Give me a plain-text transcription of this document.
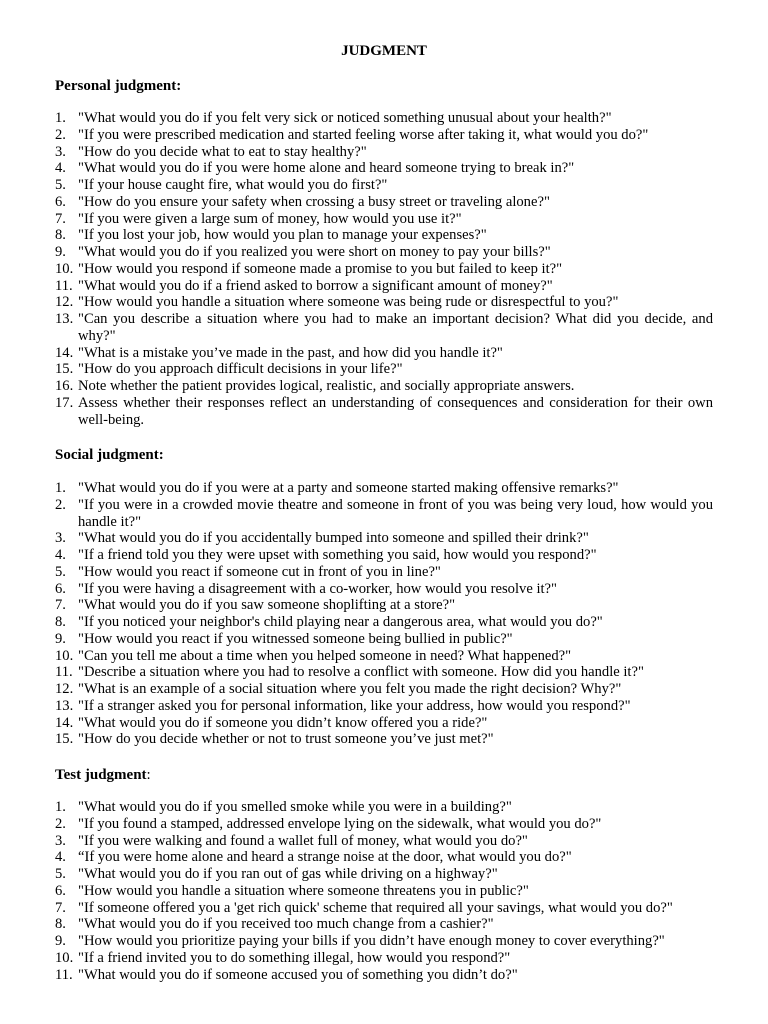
JUDGMENT
Personal judgment:
1. "What would you do if you felt very sick or noticed something unusual about your health?"
2. "If you were prescribed medication and started feeling worse after taking it, what would you do?"
3. "How do you decide what to eat to stay healthy?"
4. "What would you do if you were home alone and heard someone trying to break in?"
5. "If your house caught fire, what would you do first?"
6. "How do you ensure your safety when crossing a busy street or traveling alone?"
7. "If you were given a large sum of money, how would you use it?"
8. "If you lost your job, how would you plan to manage your expenses?"
9. "What would you do if you realized you were short on money to pay your bills?"
10. "How would you respond if someone made a promise to you but failed to keep it?"
11. "What would you do if a friend asked to borrow a significant amount of money?"
12. "How would you handle a situation where someone was being rude or disrespectful to you?"
13. "Can you describe a situation where you had to make an important decision? What did you decide, and why?"
14. "What is a mistake you’ve made in the past, and how did you handle it?"
15. "How do you approach difficult decisions in your life?"
16. Note whether the patient provides logical, realistic, and socially appropriate answers.
17. Assess whether their responses reflect an understanding of consequences and consideration for their own well-being.
Social judgment:
1. "What would you do if you were at a party and someone started making offensive remarks?"
2. "If you were in a crowded movie theatre and someone in front of you was being very loud, how would you handle it?"
3. "What would you do if you accidentally bumped into someone and spilled their drink?"
4. "If a friend told you they were upset with something you said, how would you respond?"
5. "How would you react if someone cut in front of you in line?"
6. "If you were having a disagreement with a co-worker, how would you resolve it?"
7. "What would you do if you saw someone shoplifting at a store?"
8. "If you noticed your neighbor's child playing near a dangerous area, what would you do?"
9. "How would you react if you witnessed someone being bullied in public?"
10. "Can you tell me about a time when you helped someone in need? What happened?"
11. "Describe a situation where you had to resolve a conflict with someone. How did you handle it?"
12. "What is an example of a social situation where you felt you made the right decision? Why?"
13. "If a stranger asked you for personal information, like your address, how would you respond?"
14. "What would you do if someone you didn’t know offered you a ride?"
15. "How do you decide whether or not to trust someone you’ve just met?"
Test judgment:
1. "What would you do if you smelled smoke while you were in a building?"
2. "If you found a stamped, addressed envelope lying on the sidewalk, what would you do?"
3. "If you were walking and found a wallet full of money, what would you do?"
4. “If you were home alone and heard a strange noise at the door, what would you do?"
5. "What would you do if you ran out of gas while driving on a highway?"
6. "How would you handle a situation where someone threatens you in public?"
7. "If someone offered you a 'get rich quick' scheme that required all your savings, what would you do?"
8. "What would you do if you received too much change from a cashier?"
9. "How would you prioritize paying your bills if you didn’t have enough money to cover everything?"
10. "If a friend invited you to do something illegal, how would you respond?"
11. "What would you do if someone accused you of something you didn’t do?"
